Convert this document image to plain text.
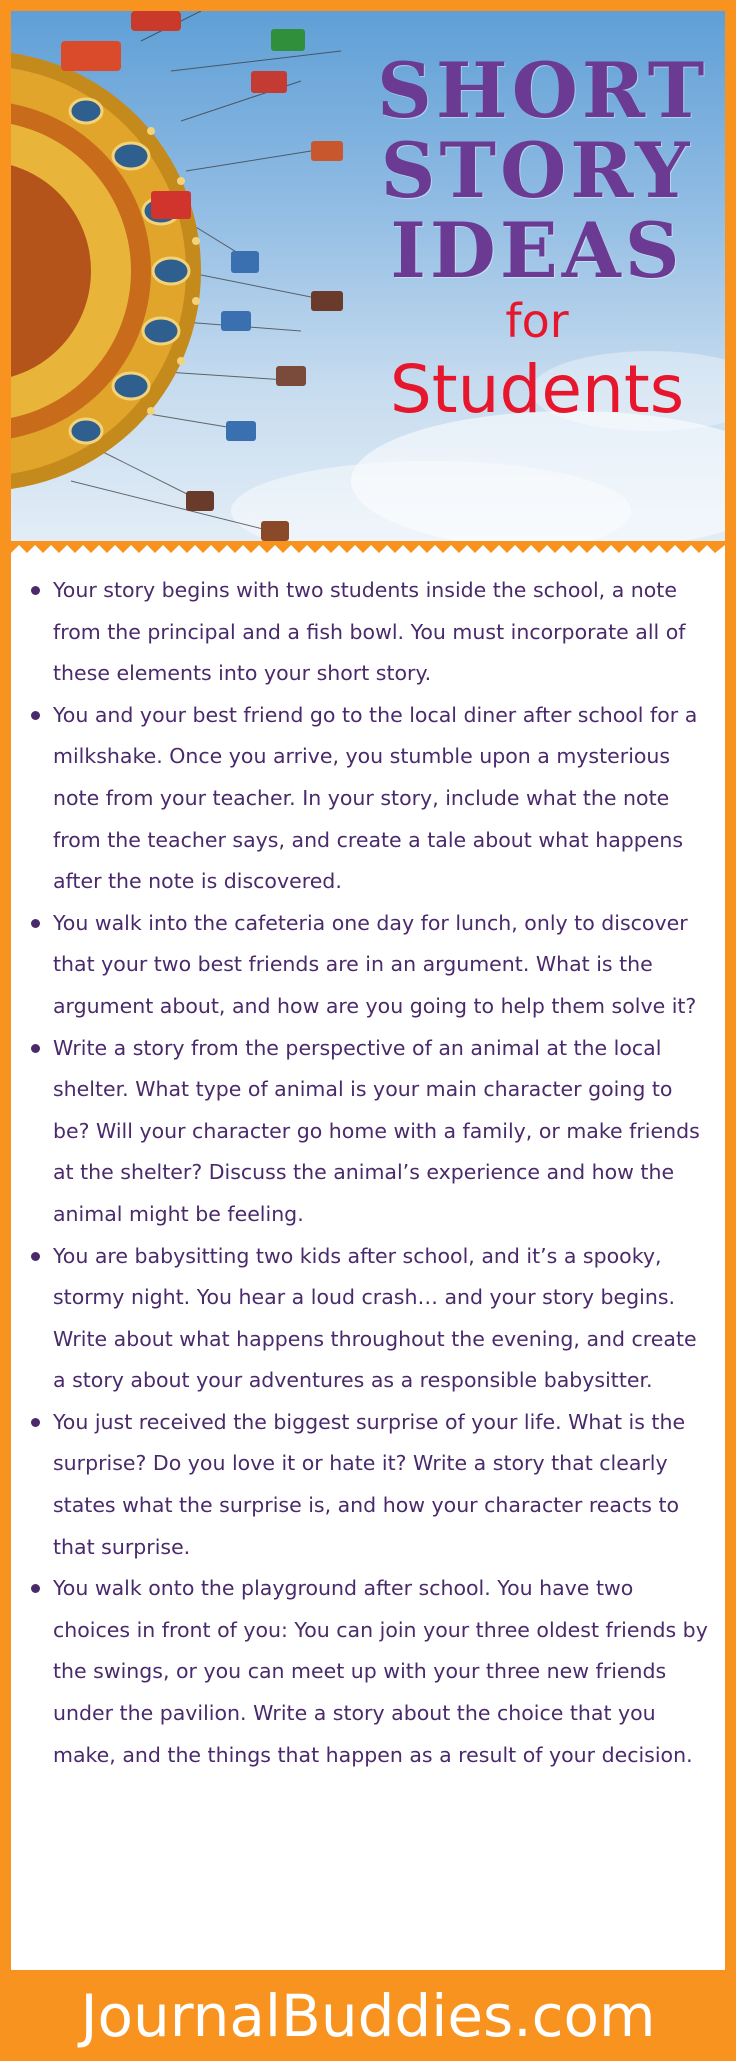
SHORT
STORY
IDEAS
for
Students
Your story begins with two students inside the school, a note from the principal and a fish bowl. You must incorporate all of these elements into your short story.
You and your best friend go to the local diner after school for a milkshake. Once you arrive, you stumble upon a mysterious note from your teacher. In your story, include what the note from the teacher says, and create a tale about what happens after the note is discovered.
You walk into the cafeteria one day for lunch, only to discover that your two best friends are in an argument. What is the argument about, and how are you going to help them solve it?
Write a story from the perspective of an animal at the local shelter. What type of animal is your main character going to be? Will your character go home with a family, or make friends at the shelter? Discuss the animal’s experience and how the animal might be feeling.
You are babysitting two kids after school, and it’s a spooky, stormy night. You hear a loud crash… and your story begins. Write about what happens throughout the evening, and create a story about your adventures as a responsible babysitter.
You just received the biggest surprise of your life. What is the surprise? Do you love it or hate it? Write a story that clearly states what the surprise is, and how your character reacts to that surprise.
You walk onto the playground after school. You have two choices in front of you: You can join your three oldest friends by the swings, or you can meet up with your three new friends under the pavilion. Write a story about the choice that you make, and the things that happen as a result of your decision.
JournalBuddies.com
